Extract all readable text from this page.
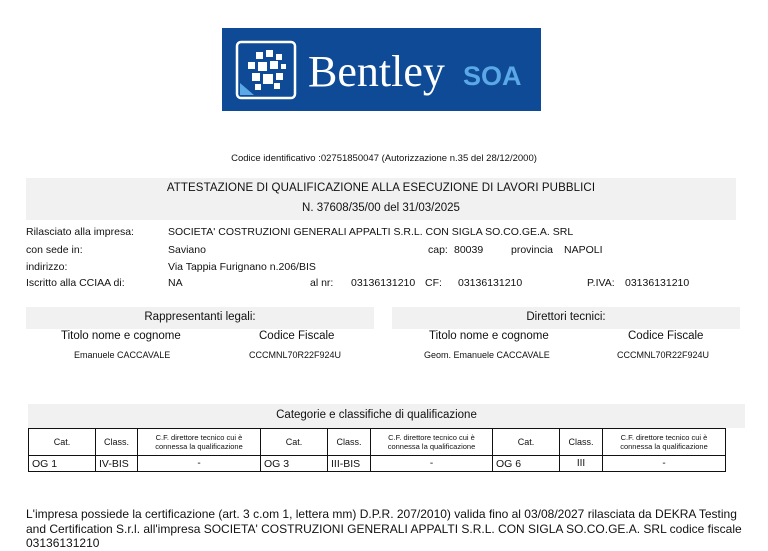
Bentley SOA
Codice identificativo :02751850047 (Autorizzazione n.35 del 28/12/2000)
ATTESTAZIONE DI QUALIFICAZIONE ALLA ESECUZIONE DI LAVORI PUBBLICI
N. 37608/35/00 del 31/03/2025
Rilasciato alla impresa:	SOCIETA' COSTRUZIONI GENERALI APPALTI S.R.L. CON SIGLA SO.CO.GE.A. SRL
con sede in:	Saviano	cap: 80039	provincia NAPOLI
indirizzo:	Via Tappia Furignano n.206/BIS
Iscritto alla CCIAA di:	NA	al nr: 03136131210 CF: 03136131210	P.IVA: 03136131210
Rappresentanti legali:
Titolo nome e cognome	Codice Fiscale
Emanuele CACCAVALE	CCCMNL70R22F924U
Direttori tecnici:
Titolo nome e cognome	Codice Fiscale
Geom. Emanuele CACCAVALE	CCCMNL70R22F924U
Categorie e classifiche di qualificazione
Cat.	Class.	C.F. direttore tecnico cui è connessa la qualificazione	Cat.	Class.	C.F. direttore tecnico cui è connessa la qualificazione	Cat.	Class.	C.F. direttore tecnico cui è connessa la qualificazione
OG 1	IV-BIS	-	OG 3	III-BIS	-	OG 6	III	-
L'impresa possiede la certificazione (art. 3 c.om 1, lettera mm) D.P.R. 207/2010) valida fino al 03/08/2027 rilasciata da DEKRA Testing and Certification S.r.l. all'impresa SOCIETA' COSTRUZIONI GENERALI APPALTI S.R.L. CON SIGLA SO.CO.GE.A. SRL codice fiscale 03136131210
